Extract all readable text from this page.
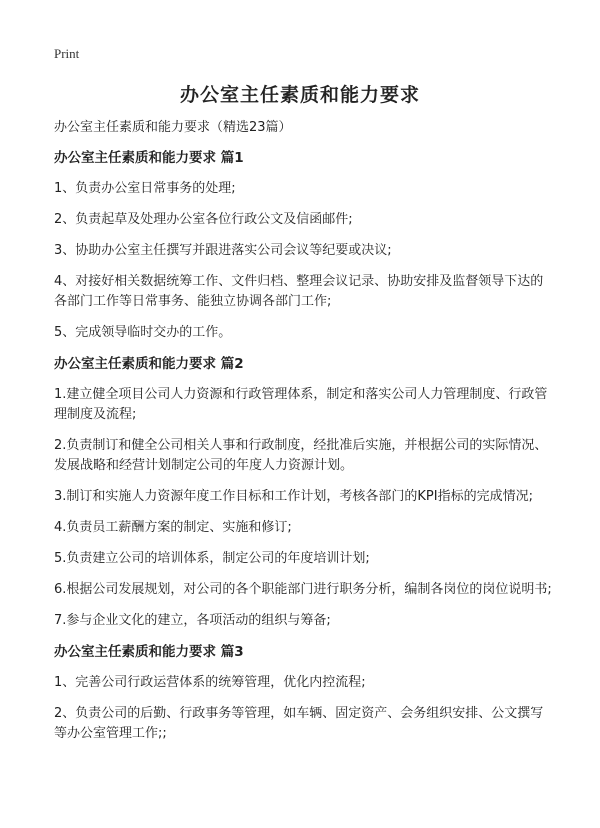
Print
办公室主任素质和能力要求

办公室主任素质和能力要求（精选23篇）

办公室主任素质和能力要求 篇1

1、负责办公室日常事务的处理;

2、负责起草及处理办公室各位行政公文及信函邮件;

3、协助办公室主任撰写并跟进落实公司会议等纪要或决议;

4、对接好相关数据统筹工作、文件归档、整理会议记录、协助安排及监督领导下达的各部门工作等日常事务、能独立协调各部门工作;

5、完成领导临时交办的工作。

办公室主任素质和能力要求 篇2

1.建立健全项目公司人力资源和行政管理体系，制定和落实公司人力管理制度、行政管理制度及流程;

2.负责制订和健全公司相关人事和行政制度，经批准后实施，并根据公司的实际情况、发展战略和经营计划制定公司的年度人力资源计划。

3.制订和实施人力资源年度工作目标和工作计划，考核各部门的KPI指标的完成情况;

4.负责员工薪酬方案的制定、实施和修订;

5.负责建立公司的培训体系，制定公司的年度培训计划;

6.根据公司发展规划，对公司的各个职能部门进行职务分析，编制各岗位的岗位说明书;

7.参与企业文化的建立，各项活动的组织与筹备;

办公室主任素质和能力要求 篇3

1、完善公司行政运营体系的统筹管理，优化内控流程;

2、负责公司的后勤、行政事务等管理，如车辆、固定资产、会务组织安排、公文撰写等办公室管理工作;;
